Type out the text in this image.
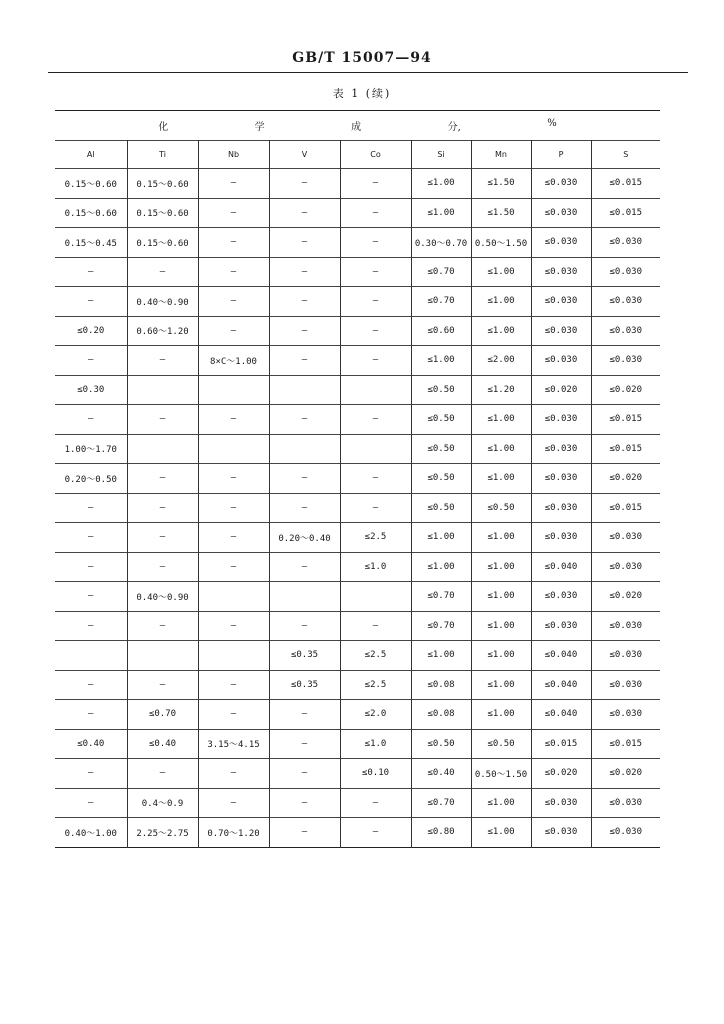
GB/T 15007—94
表 1 (续)
化 学 成 分, %								

Al	Ti	Nb	V	Co	Si	Mn	P	S
0.15～0.60	0.15～0.60	—	—	—	≤1.00	≤1.50	≤0.030	≤0.015
0.15～0.60	0.15～0.60	—	—	—	≤1.00	≤1.50	≤0.030	≤0.015
0.15～0.45	0.15～0.60	—	—	—	0.30～0.70	0.50～1.50	≤0.030	≤0.030
—	—	—	—	—	≤0.70	≤1.00	≤0.030	≤0.030
—	0.40～0.90	—	—	—	≤0.70	≤1.00	≤0.030	≤0.030
≤0.20	0.60～1.20	—	—	—	≤0.60	≤1.00	≤0.030	≤0.030
—	—	8×C～1.00	—	—	≤1.00	≤2.00	≤0.030	≤0.030
≤0.30					≤0.50	≤1.20	≤0.020	≤0.020
—	—	—	—	—	≤0.50	≤1.00	≤0.030	≤0.015
1.00～1.70					≤0.50	≤1.00	≤0.030	≤0.015
0.20～0.50	—	—	—	—	≤0.50	≤1.00	≤0.030	≤0.020
—	—	—	—	—	≤0.50	≤0.50	≤0.030	≤0.015
—	—	—	0.20～0.40	≤2.5	≤1.00	≤1.00	≤0.030	≤0.030
—	—	—	—	≤1.0	≤1.00	≤1.00	≤0.040	≤0.030
—	0.40～0.90				≤0.70	≤1.00	≤0.030	≤0.020
—	—	—	—	—	≤0.70	≤1.00	≤0.030	≤0.030
			≤0.35	≤2.5	≤1.00	≤1.00	≤0.040	≤0.030
—	—	—	≤0.35	≤2.5	≤0.08	≤1.00	≤0.040	≤0.030
—	≤0.70	—	—	≤2.0	≤0.08	≤1.00	≤0.040	≤0.030
≤0.40	≤0.40	3.15～4.15	—	≤1.0	≤0.50	≤0.50	≤0.015	≤0.015
—	—	—	—	≤0.10	≤0.40	0.50～1.50	≤0.020	≤0.020
—	0.4～0.9	—	—	—	≤0.70	≤1.00	≤0.030	≤0.030
0.40～1.00	2.25～2.75	0.70～1.20	—	—	≤0.80	≤1.00	≤0.030	≤0.030
